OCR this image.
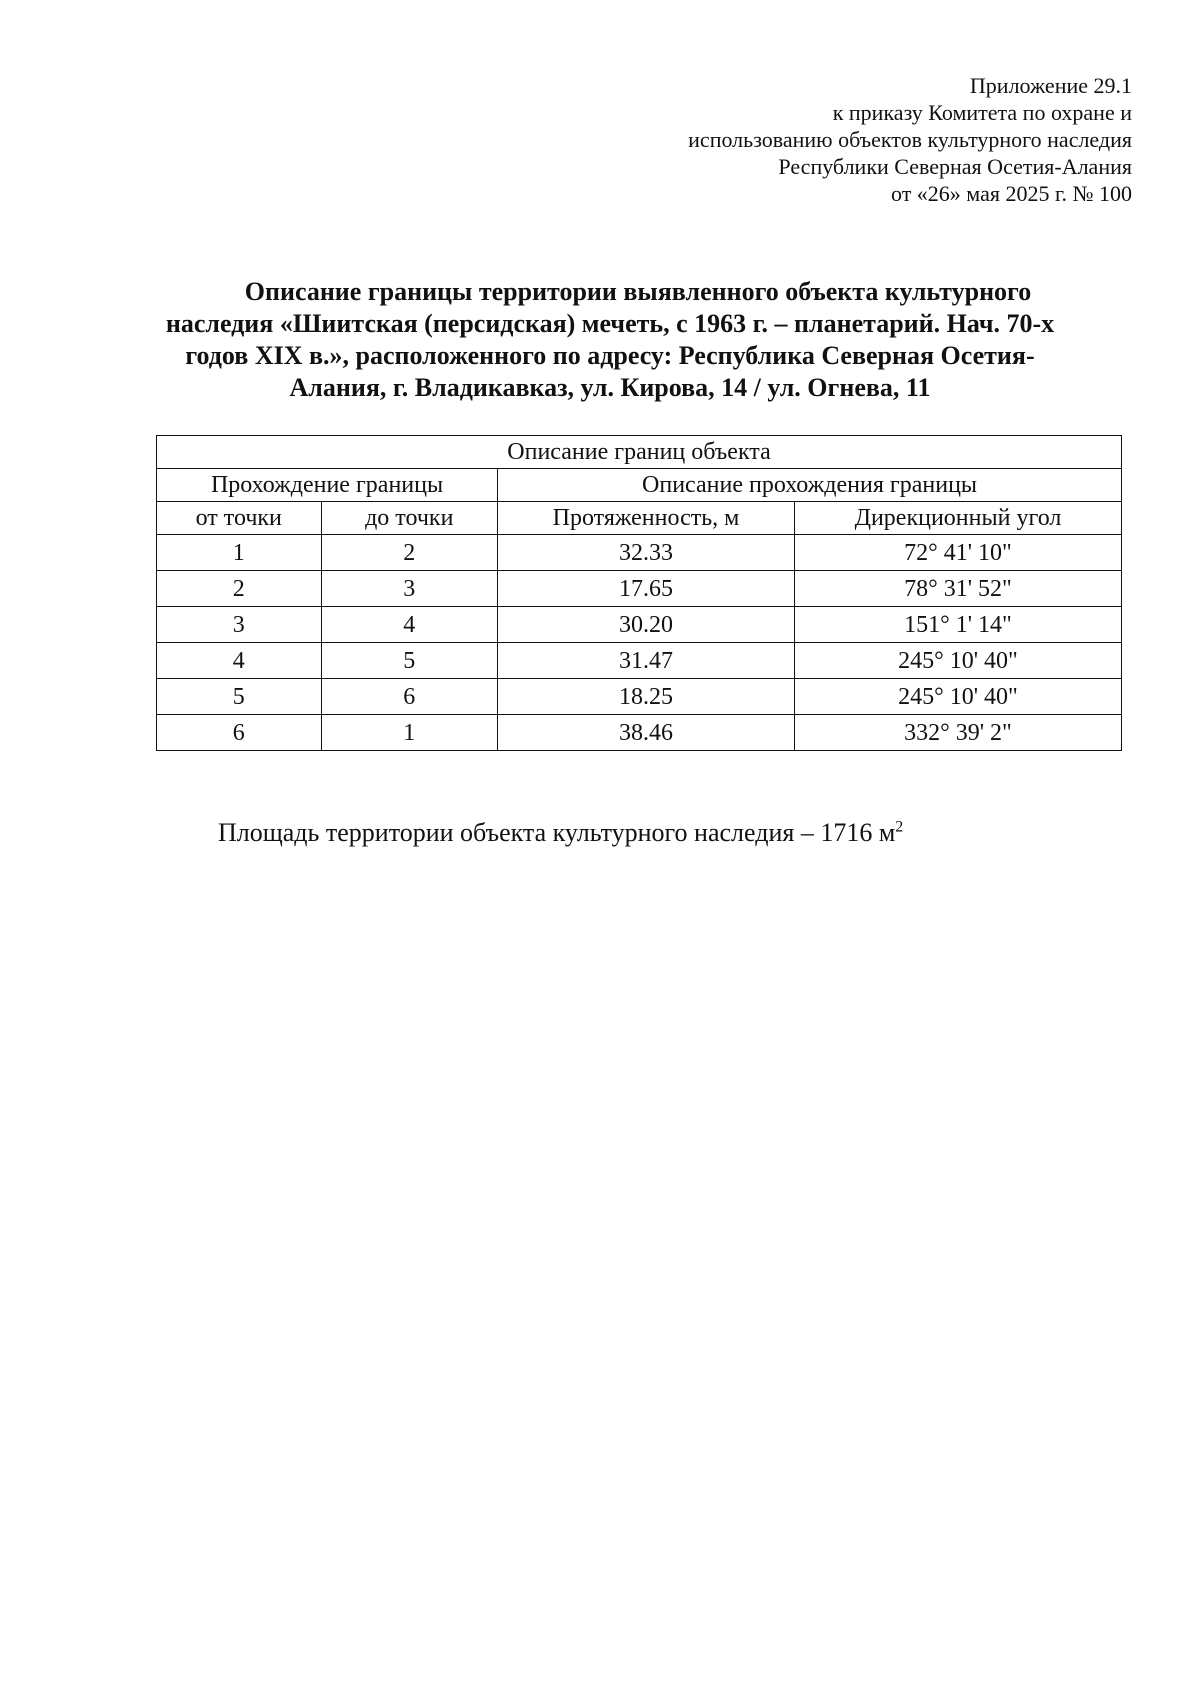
Приложение 29.1
к приказу Комитета по охране и
использованию объектов культурного наследия
Республики Северная Осетия-Алания
от «26» мая 2025 г. № 100
Описание границы территории выявленного объекта культурного
наследия «Шиитская (персидская) мечеть, с 1963 г. – планетарий. Нач. 70-х
годов XIX в.», расположенного по адресу: Республика Северная Осетия-
Алания, г. Владикавказ, ул. Кирова, 14 / ул. Огнева, 11
Описание границ объекта			
Прохождение границы		Описание прохождения границы	
от точки	до точки	Протяженность, м	Дирекционный угол
1	2	32.33	72° 41' 10"
2	3	17.65	78° 31' 52"
3	4	30.20	151° 1' 14"
4	5	31.47	245° 10' 40"
5	6	18.25	245° 10' 40"
6	1	38.46	332° 39' 2"
Площадь территории объекта культурного наследия – 1716 $м^2$
